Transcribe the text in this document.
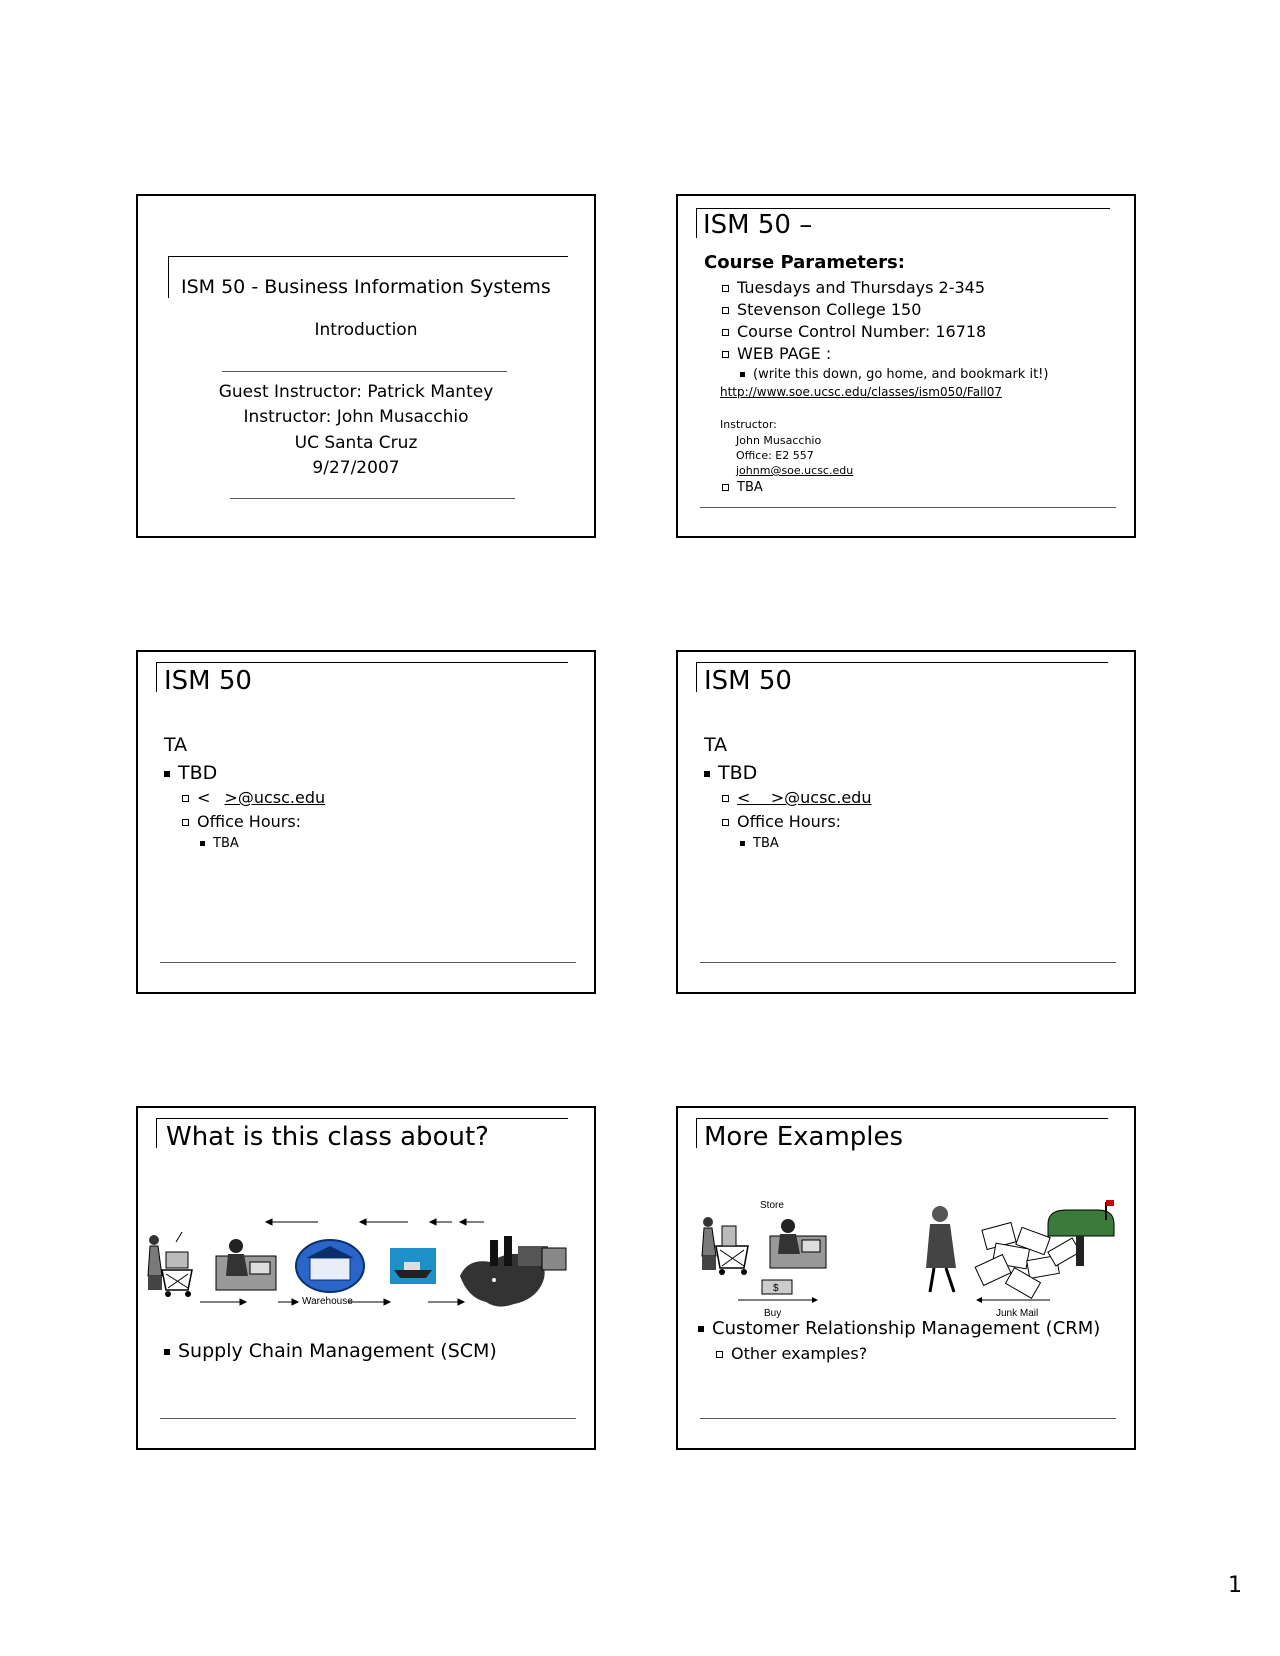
ISM 50 - Business Information Systems
Introduction
Guest Instructor: Patrick Mantey
Instructor: John Musacchio
UC Santa Cruz
9/27/2007
ISM 50 –
Course Parameters:
Tuesdays and Thursdays 2-345
Stevenson College 150
Course Control Number: 16718
WEB PAGE :
(write this down, go home, and bookmark it!)
http://www.soe.ucsc.edu/classes/ism050/Fall07
Instructor:
John Musacchio
Office: E2 557
johnm@soe.ucsc.edu
TBA
ISM 50
TA
TBD
< >@ucsc.edu
Office Hours:
TBA
ISM 50
TA
TBD
<    >@ucsc.edu
Office Hours:
TBA
What is this class about?
Warehouse
Supply Chain Management (SCM)
More Examples
Store
$
Buy	Junk Mail
Customer Relationship Management (CRM)
Other examples?
1
